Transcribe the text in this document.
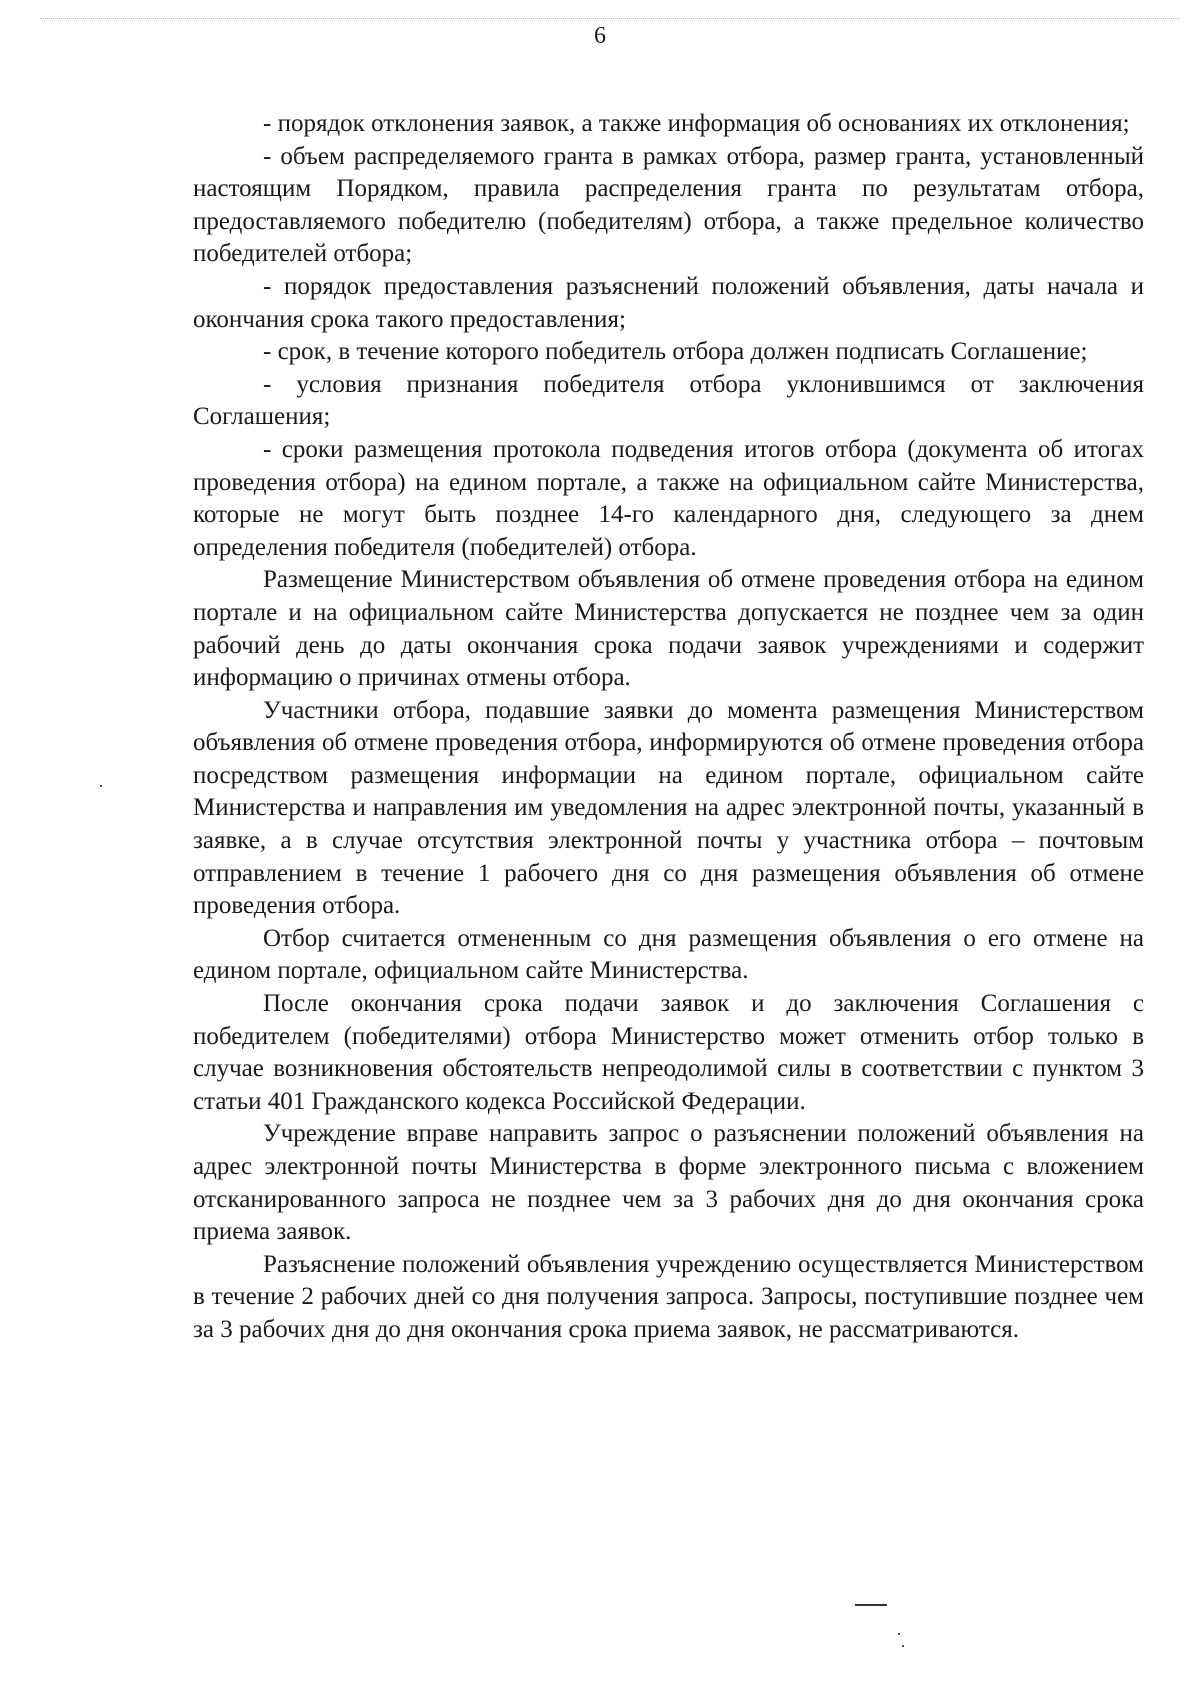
6

- порядок отклонения заявок, а также информация об основаниях их отклонения;

- объем распределяемого гранта в рамках отбора, размер гранта, установленный настоящим Порядком, правила распределения гранта по результатам отбора, предоставляемого победителю (победителям) отбора, а также предельное количество победителей отбора;

- порядок предоставления разъяснений положений объявления, даты начала и окончания срока такого предоставления;

- срок, в течение которого победитель отбора должен подписать Соглашение;

- условия признания победителя отбора уклонившимся от заключения Соглашения;

- сроки размещения протокола подведения итогов отбора (документа об итогах проведения отбора) на едином портале, а также на официальном сайте Министерства, которые не могут быть позднее 14-го календарного дня, следующего за днем определения победителя (победителей) отбора.

Размещение Министерством объявления об отмене проведения отбора на едином портале и на официальном сайте Министерства допускается не позднее чем за один рабочий день до даты окончания срока подачи заявок учреждениями и содержит информацию о причинах отмены отбора.

Участники отбора, подавшие заявки до момента размещения Министерством объявления об отмене проведения отбора, информируются об отмене проведения отбора посредством размещения информации на едином портале, официальном сайте Министерства и направления им уведомления на адрес электронной почты, указанный в заявке, а в случае отсутствия электронной почты у участника отбора – почтовым отправлением в течение 1 рабочего дня со дня размещения объявления об отмене проведения отбора.

Отбор считается отмененным со дня размещения объявления о его отмене на едином портале, официальном сайте Министерства.

После окончания срока подачи заявок и до заключения Соглашения с победителем (победителями) отбора Министерство может отменить отбор только в случае возникновения обстоятельств непреодолимой силы в соответствии с пунктом 3 статьи 401 Гражданского кодекса Российской Федерации.

Учреждение вправе направить запрос о разъяснении положений объявления на адрес электронной почты Министерства в форме электронного письма с вложением отсканированного запроса не позднее чем за 3 рабочих дня до дня окончания срока приема заявок.

Разъяснение положений объявления учреждению осуществляется Министерством в течение 2 рабочих дней со дня получения запроса. Запросы, поступившие позднее чем за 3 рабочих дня до дня окончания срока приема заявок, не рассматриваются.
